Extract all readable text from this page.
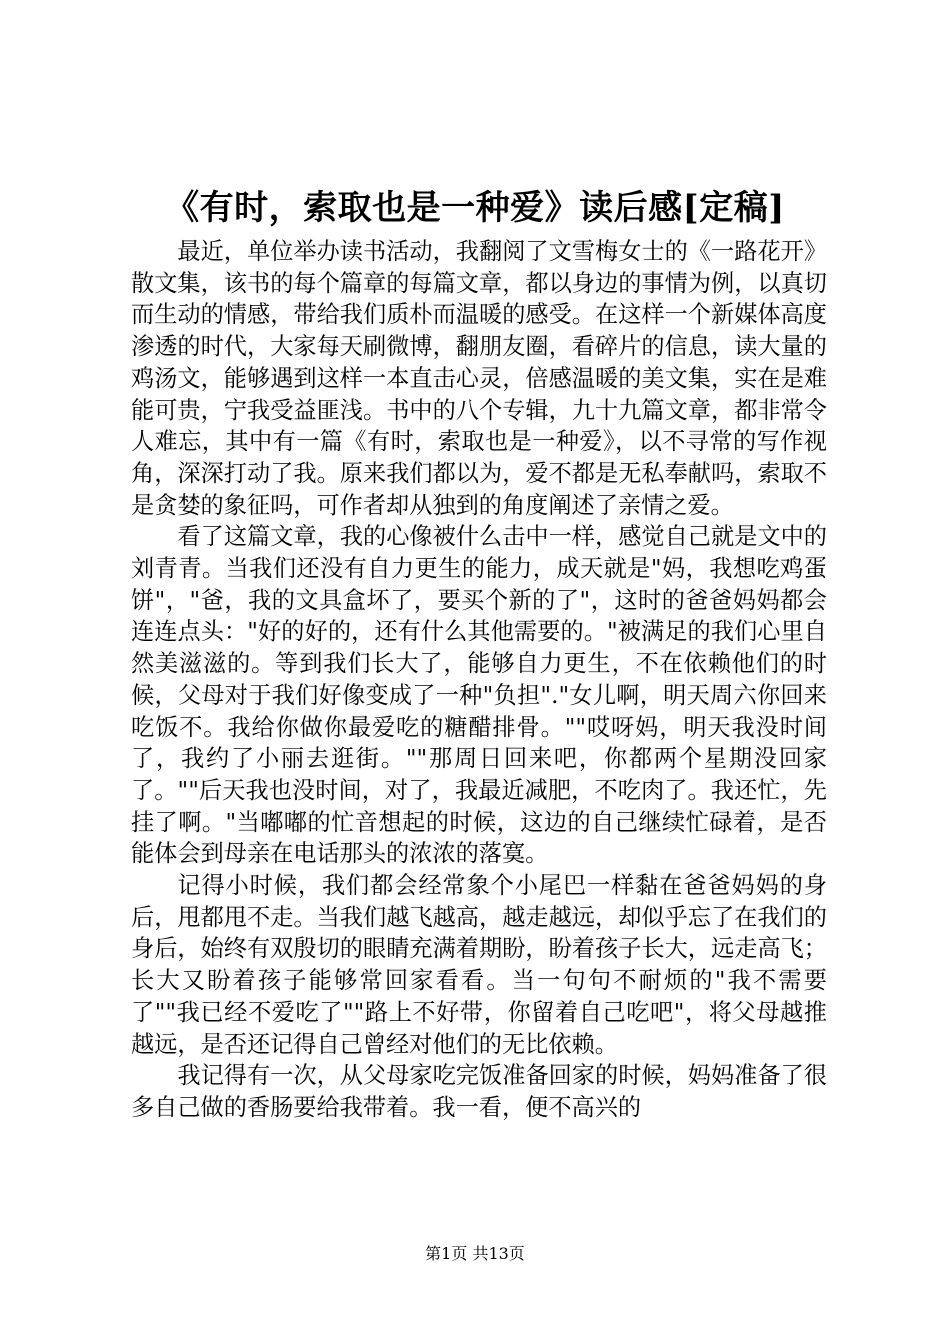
《有时，索取也是一种爱》读后感[定稿]

最近，单位举办读书活动，我翻阅了文雪梅女士的《一路花开》散文集，该书的每个篇章的每篇文章，都以身边的事情为例，以真切而生动的情感，带给我们质朴而温暖的感受。在这样一个新媒体高度渗透的时代，大家每天刷微博，翻朋友圈，看碎片的信息，读大量的鸡汤文，能够遇到这样一本直击心灵，倍感温暖的美文集，实在是难能可贵，宁我受益匪浅。书中的八个专辑，九十九篇文章，都非常令人难忘，其中有一篇《有时，索取也是一种爱》，以不寻常的写作视角，深深打动了我。原来我们都以为，爱不都是无私奉献吗，索取不是贪婪的象征吗，可作者却从独到的角度阐述了亲情之爱。

看了这篇文章，我的心像被什么击中一样，感觉自己就是文中的刘青青。当我们还没有自力更生的能力，成天就是"妈，我想吃鸡蛋饼"，"爸，我的文具盒坏了，要买个新的了"，这时的爸爸妈妈都会连连点头："好的好的，还有什么其他需要的。"被满足的我们心里自然美滋滋的。等到我们长大了，能够自力更生，不在依赖他们的时候，父母对于我们好像变成了一种"负担"."女儿啊，明天周六你回来吃饭不。我给你做你最爱吃的糖醋排骨。""哎呀妈，明天我没时间了，我约了小丽去逛街。""那周日回来吧，你都两个星期没回家了。""后天我也没时间，对了，我最近减肥，不吃肉了。我还忙，先挂了啊。"当嘟嘟的忙音想起的时候，这边的自己继续忙碌着，是否能体会到母亲在电话那头的浓浓的落寞。

记得小时候，我们都会经常象个小尾巴一样黏在爸爸妈妈的身后，甩都甩不走。当我们越飞越高，越走越远，却似乎忘了在我们的身后，始终有双殷切的眼睛充满着期盼，盼着孩子长大，远走高飞；长大又盼着孩子能够常回家看看。当一句句不耐烦的"我不需要了""我已经不爱吃了""路上不好带，你留着自己吃吧"，将父母越推越远，是否还记得自己曾经对他们的无比依赖。

我记得有一次，从父母家吃完饭准备回家的时候，妈妈准备了很多自己做的香肠要给我带着。我一看，便不高兴的

第1页 共13页
